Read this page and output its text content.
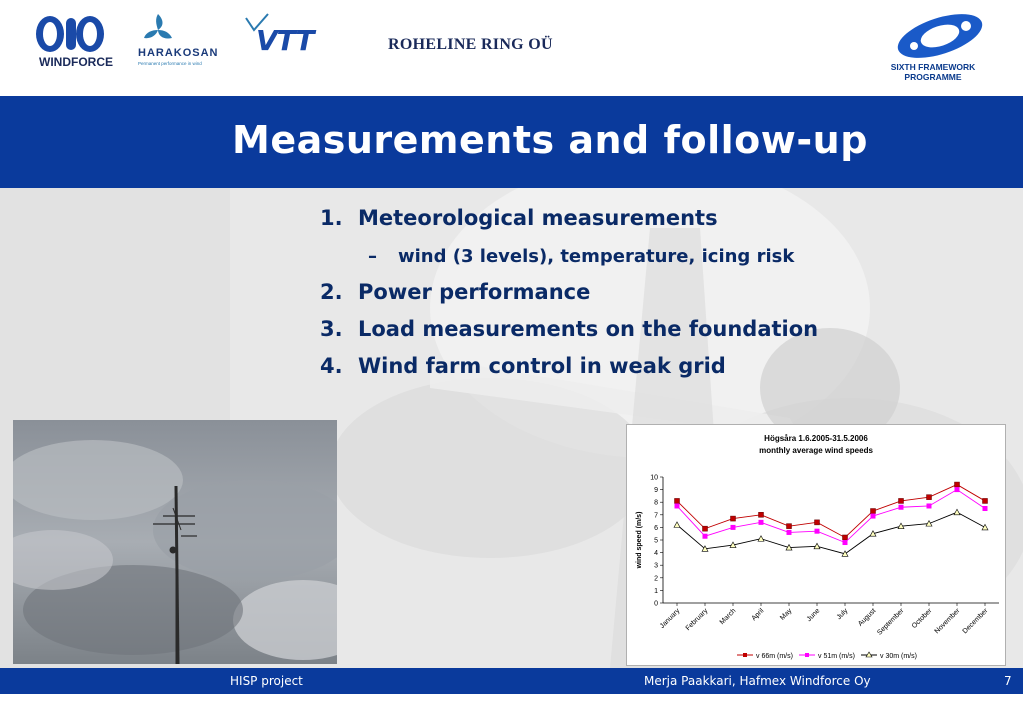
WINDFORCE
HARAKOSAN
Permanent performance in wind
VTT	ROHELINE RING OÜ
SIXTH FRAMEWORK PROGRAMME
Measurements and follow-up
1. Meteorological measurements
–	wind (3 levels), temperature, icing risk
2. Power performance
3. Load measurements on the foundation
4. Wind farm control in weak grid
Högsåra 1.6.2005-31.5.2006
monthly average wind speeds
0
1
2
3
4
5
6
7
8
9
10
wind speed (m/s)
January February March April May June July August
September October November December
v 66m (m/s)	v 51m (m/s)	v 30m (m/s)
HISP project	Merja Paakkari, Hafmex Windforce Oy	7
